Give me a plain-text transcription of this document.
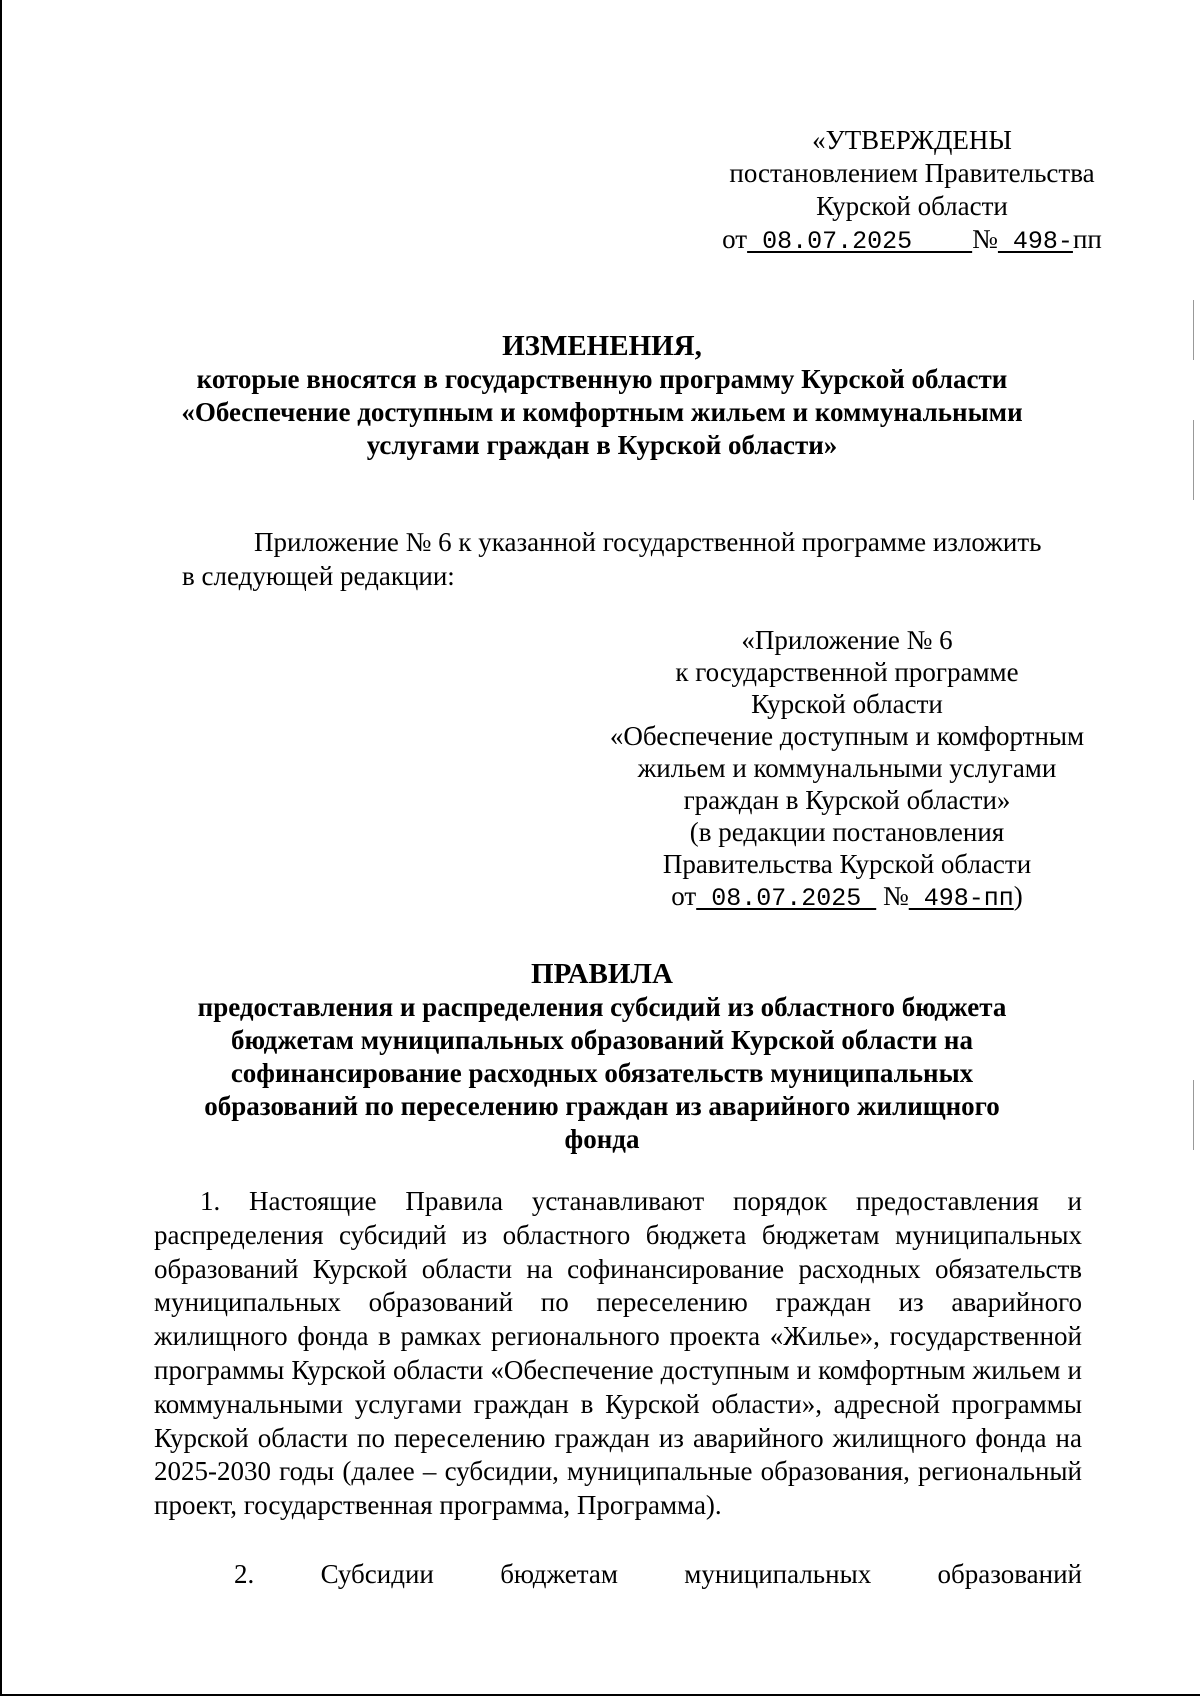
«УТВЕРЖДЕНЫ
постановлением Правительства
Курской области
от 08.07.2025    № 498-пп
ИЗМЕНЕНИЯ,
которые вносятся в государственную программу Курской области
«Обеспечение доступным и комфортным жильем и коммунальными
услугами граждан в Курской области»
Приложение № 6 к указанной государственной программе изложить
в следующей редакции:
«Приложение № 6
к государственной программе
Курской области
«Обеспечение доступным и комфортным
жильем и коммунальными услугами
граждан в Курской области»
(в редакции постановления
Правительства Курской области
от 08.07.2025  № 498-пп)
ПРАВИЛА
предоставления и распределения субсидий из областного бюджета
бюджетам муниципальных образований Курской области на
софинансирование расходных обязательств муниципальных
образований по переселению граждан из аварийного жилищного
фонда
1. Настоящие Правила устанавливают порядок предоставления и распределения субсидий из областного бюджета бюджетам муниципальных образований Курской области на софинансирование расходных обязательств муниципальных образований по переселению граждан из аварийного жилищного фонда в рамках регионального проекта «Жилье», государственной программы Курской области «Обеспечение доступным и комфортным жильем и коммунальными услугами граждан в Курской области», адресной программы Курской области по переселению граждан из аварийного жилищного фонда на 2025-2030 годы (далее – субсидии, муниципальные образования, региональный проект, государственная программа, Программа).
2.      Субсидии      бюджетам      муниципальных      образований
